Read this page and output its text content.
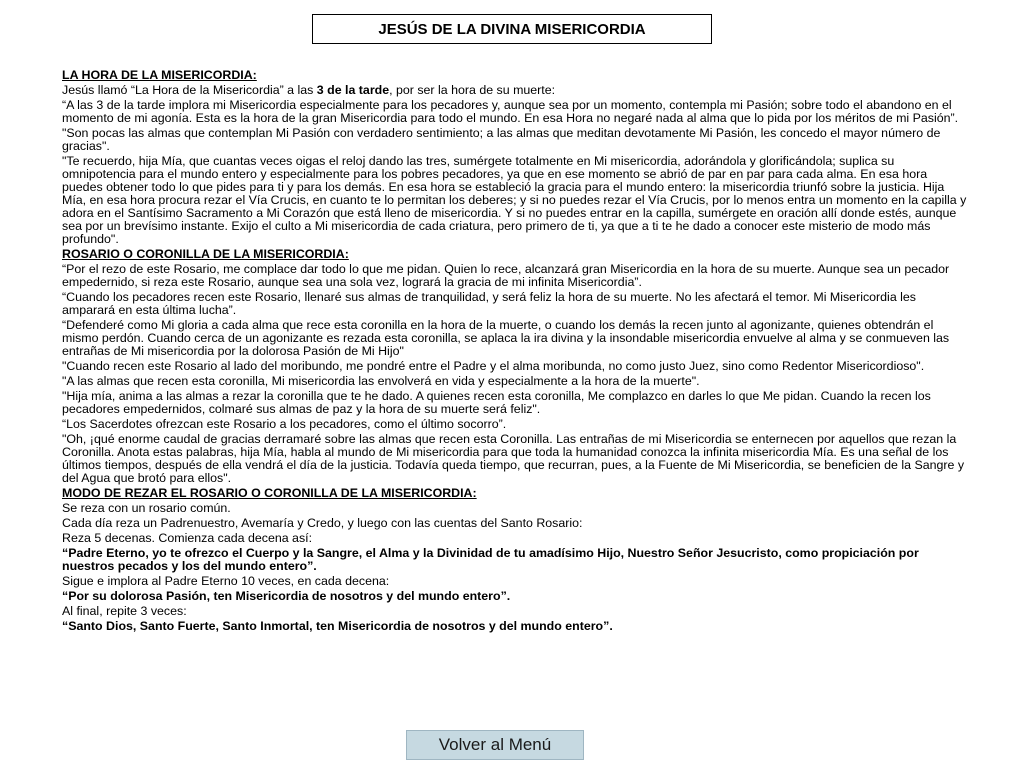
JESÚS DE LA DIVINA MISERICORDIA

LA HORA DE LA MISERICORDIA:

Jesús llamó “La Hora de la Misericordia” a las 3 de la tarde, por ser la hora de su muerte:

“A las 3 de la tarde implora mi Misericordia especialmente para los pecadores y, aunque sea por un momento, contempla mi Pasión; sobre todo el abandono en el momento de mi agonía. Esta es la hora de la gran Misericordia para todo el mundo. En esa Hora no negaré nada al alma que lo pida por los méritos de mi Pasión”.

"Son pocas las almas que contemplan Mi Pasión con verdadero sentimiento; a las almas que meditan devotamente Mi Pasión, les concedo el mayor número de gracias".

"Te recuerdo, hija Mía, que cuantas veces oigas el reloj dando las tres, sumérgete totalmente en Mi misericordia, adorándola y glorificándola; suplica su omnipotencia para el mundo entero y especialmente para los pobres pecadores, ya que en ese momento se abrió de par en par para cada alma. En esa hora puedes obtener todo lo que pides para ti y para los demás. En esa hora se estableció la gracia para el mundo entero: la misericordia triunfó sobre la justicia. Hija Mía, en esa hora procura rezar el Vía Crucis, en cuanto te lo permitan los deberes; y si no puedes rezar el Vía Crucis, por lo menos entra un momento en la capilla y adora en el Santísimo Sacramento a Mi Corazón que está lleno de misericordia. Y si no puedes entrar en la capilla, sumérgete en oración allí donde estés, aunque sea por un brevísimo instante. Exijo el culto a Mi misericordia de cada criatura, pero primero de ti, ya que a ti te he dado a conocer este misterio de modo más profundo".

ROSARIO O CORONILLA DE LA MISERICORDIA:

“Por el rezo de este Rosario, me complace dar todo lo que me pidan. Quien lo rece, alcanzará gran Misericordia en la hora de su muerte. Aunque sea un pecador empedernido, si reza este Rosario, aunque sea una sola vez, logrará la gracia de mi infinita Misericordia”.

“Cuando los pecadores recen este Rosario, llenaré sus almas de tranquilidad, y será feliz la hora de su muerte. No les afectará el temor. Mi Misericordia les amparará en esta última lucha”.

“Defenderé como Mi gloria a cada alma que rece esta coronilla en la hora de la muerte, o cuando los demás la recen junto al agonizante, quienes obtendrán el mismo perdón. Cuando cerca de un agonizante es rezada esta coronilla, se aplaca la ira divina y la insondable misericordia envuelve al alma y se conmueven las entrañas de Mi misericordia por la dolorosa Pasión de Mi Hijo"

"Cuando recen este Rosario al lado del moribundo, me pondré entre el Padre y el alma moribunda, no como justo Juez, sino como Redentor Misericordioso".

"A las almas que recen esta coronilla, Mi misericordia las envolverá en vida y especialmente a la hora de la muerte".

"Hija mía, anima a las almas a rezar la coronilla que te he dado. A quienes recen esta coronilla, Me complazco en darles lo que Me pidan. Cuando la recen los pecadores empedernidos, colmaré sus almas de paz y la hora de su muerte será feliz".

“Los Sacerdotes ofrezcan este Rosario a los pecadores, como el último socorro”.

"Oh, ¡qué enorme caudal de gracias derramaré sobre las almas que recen esta Coronilla. Las entrañas de mi Misericordia se enternecen por aquellos que rezan la Coronilla. Anota estas palabras, hija Mía, habla al mundo de Mi misericordia para que toda la humanidad conozca la infinita misericordia Mía. Es una señal de los últimos tiempos, después de ella vendrá el día de la justicia. Todavía queda tiempo, que recurran, pues, a la Fuente de Mi Misericordia, se beneficien de la Sangre y del Agua que brotó para ellos".

MODO DE REZAR EL ROSARIO O CORONILLA DE LA MISERICORDIA:

Se reza con un rosario común.

Cada día reza un Padrenuestro, Avemaría y Credo, y luego con las cuentas del Santo Rosario:

Reza 5 decenas. Comienza cada decena así:

“Padre Eterno, yo te ofrezco el Cuerpo y la Sangre, el Alma y la Divinidad de tu amadísimo Hijo, Nuestro Señor Jesucristo, como propiciación por nuestros pecados y los del mundo entero”.

Sigue e implora al Padre Eterno 10 veces, en cada decena:

“Por su dolorosa Pasión, ten Misericordia de nosotros y del mundo entero”.

Al final, repite 3 veces:

“Santo Dios, Santo Fuerte, Santo Inmortal, ten Misericordia de nosotros y del mundo entero”.

Volver al Menú
